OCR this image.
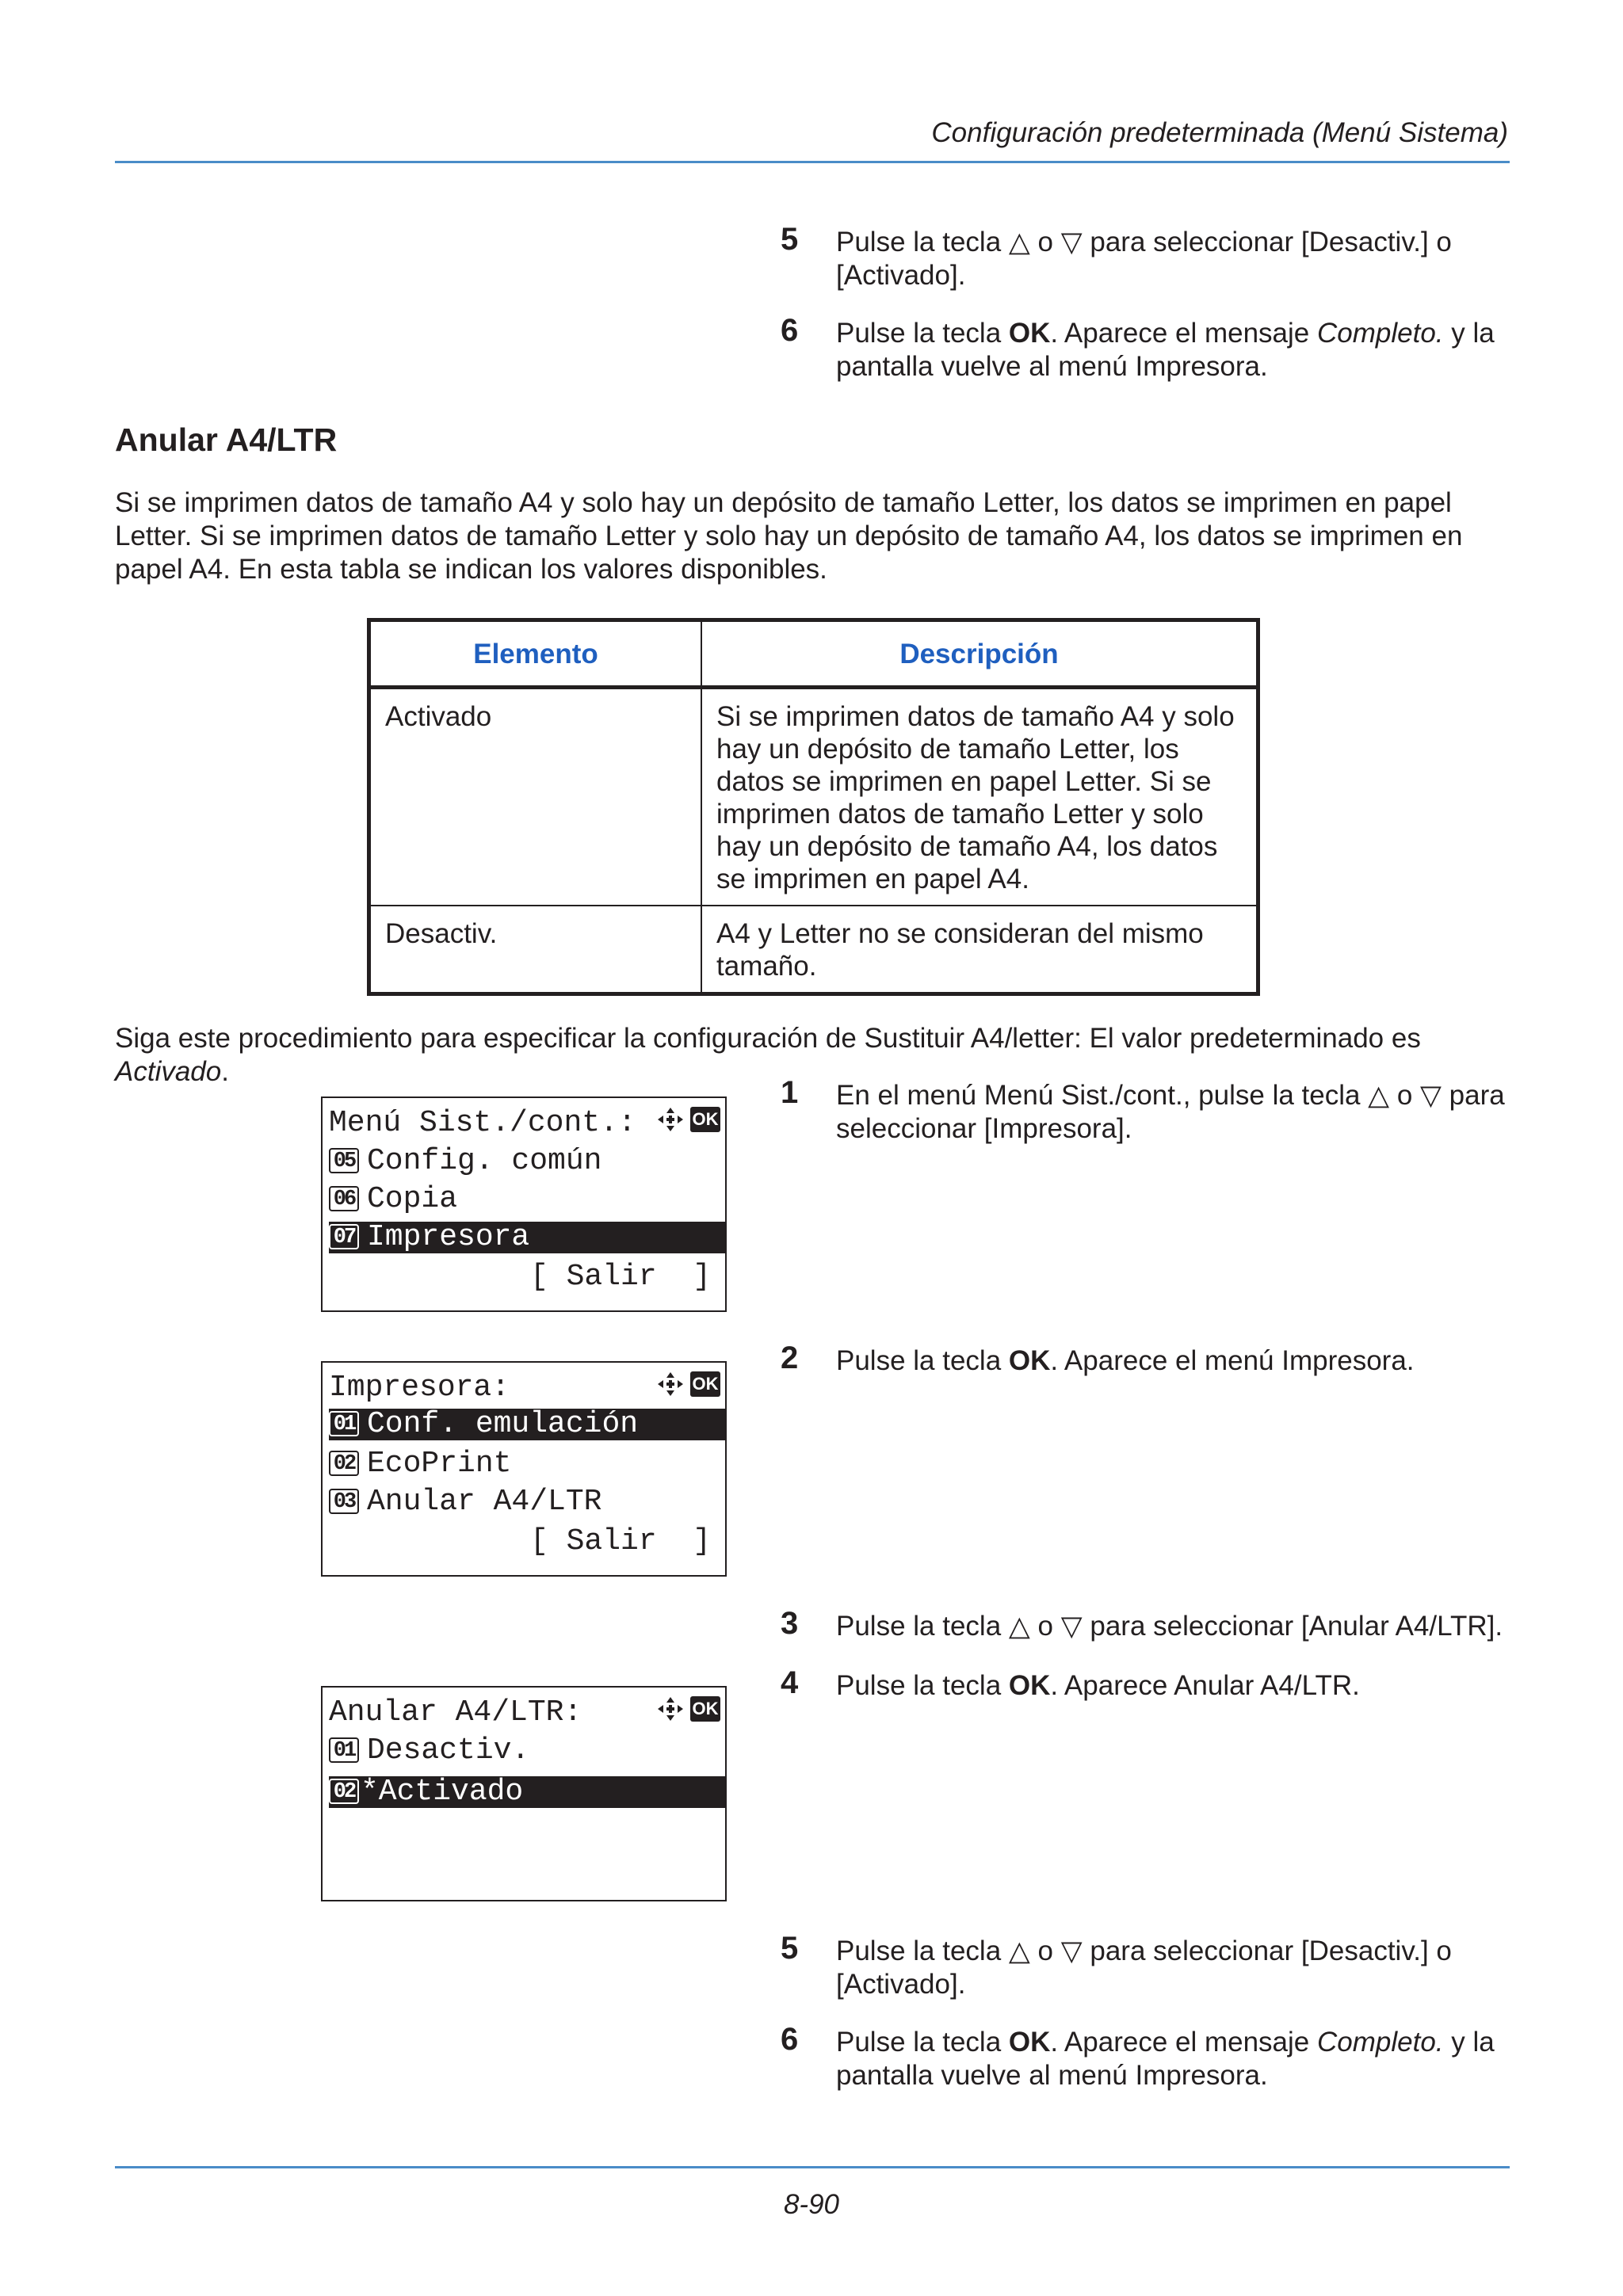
Configuración predeterminada (Menú Sistema)
5 Pulse la tecla △ o ▽ para seleccionar [Desactiv.] o [Activado].
6 Pulse la tecla OK. Aparece el mensaje Completo. y la pantalla vuelve al menú Impresora.
Anular A4/LTR
Si se imprimen datos de tamaño A4 y solo hay un depósito de tamaño Letter, los datos se imprimen en papel Letter. Si se imprimen datos de tamaño Letter y solo hay un depósito de tamaño A4, los datos se imprimen en papel A4. En esta tabla se indican los valores disponibles.
Elemento	Descripción
Activado	Si se imprimen datos de tamaño A4 y solo hay un depósito de tamaño Letter, los datos se imprimen en papel Letter. Si se imprimen datos de tamaño Letter y solo hay un depósito de tamaño A4, los datos se imprimen en papel A4.
Desactiv.	A4 y Letter no se consideran del mismo tamaño.
Siga este procedimiento para especificar la configuración de Sustituir A4/letter: El valor predeterminado es Activado.
Menú Sist./cont.:	OK
05 Config. común
06 Copia
07 Impresora
[ Salir  ]
Impresora:	OK
01 Conf. emulación
02 EcoPrint
03 Anular A4/LTR
[ Salir  ]
1 En el menú Menú Sist./cont., pulse la tecla △ o ▽ para seleccionar [Impresora].
2 Pulse la tecla OK. Aparece el menú Impresora.
3 Pulse la tecla △ o ▽ para seleccionar [Anular A4/LTR].
4 Pulse la tecla OK. Aparece Anular A4/LTR.
Anular A4/LTR:	OK
01 Desactiv.
02 *Activado
5 Pulse la tecla △ o ▽ para seleccionar [Desactiv.] o [Activado].
6 Pulse la tecla OK. Aparece el mensaje Completo. y la pantalla vuelve al menú Impresora.
8-90
